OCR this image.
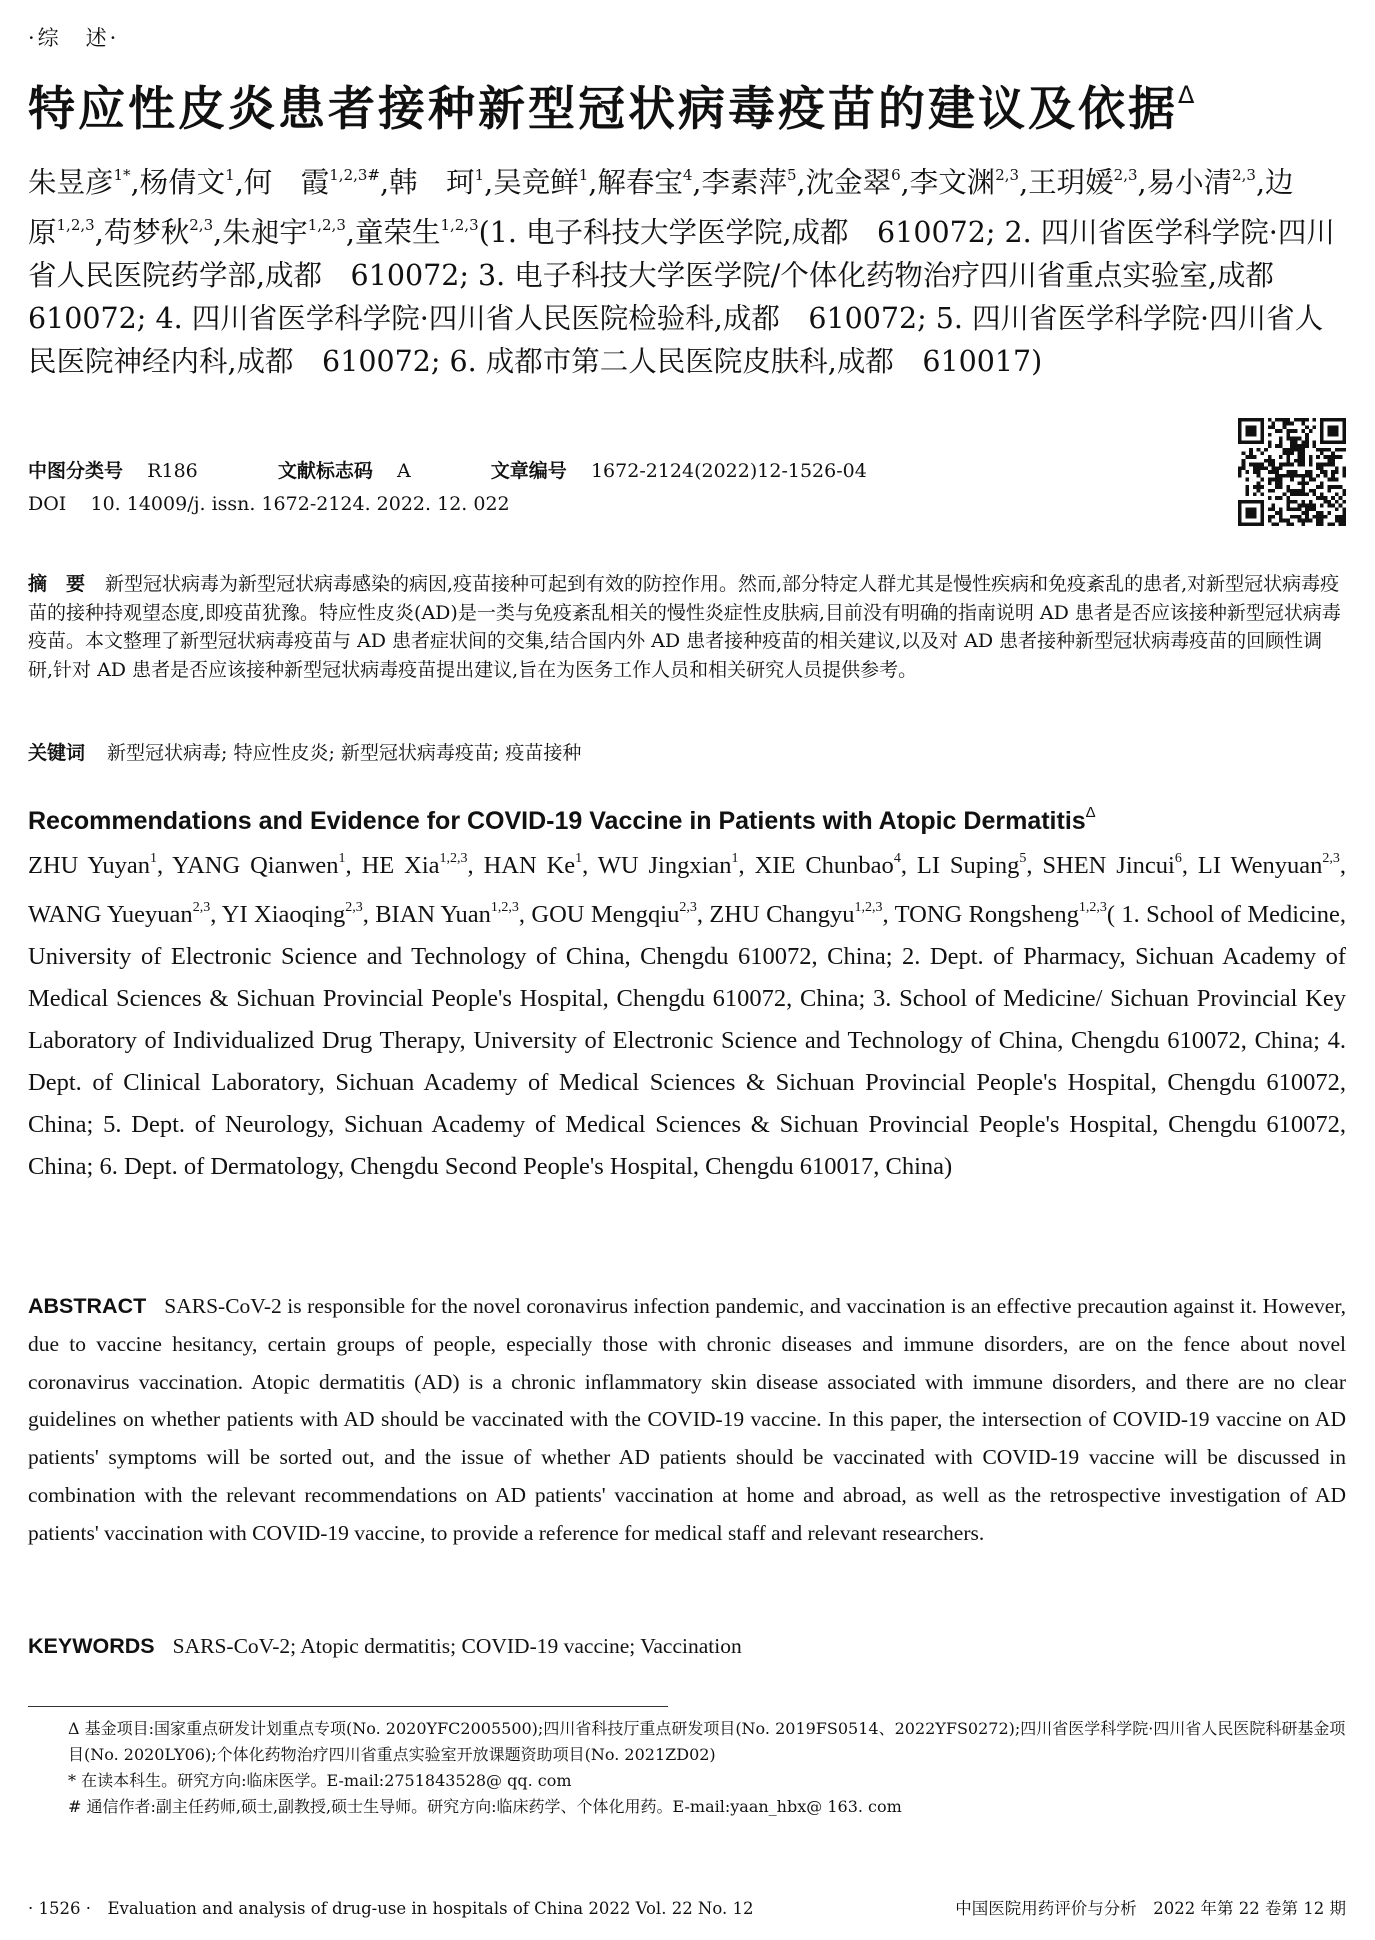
·综　述·
特应性皮炎患者接种新型冠状病毒疫苗的建议及依据$^\Delta$

朱昱彦$^{1*}$,杨倩文$^1$,何　霞$^{1,2,3\#}$,韩　珂$^1$,吴竞鲜$^1$,解春宝$^4$,李素萍$^5$,沈金翠$^6$,李文渊$^{2,3}$,王玥媛$^{2,3}$,易小清$^{2,3}$,边　原$^{1,2,3}$,苟梦秋$^{2,3}$,朱昶宇$^{1,2,3}$,童荣生$^{1,2,3}$(1. 电子科技大学医学院,成都　610072; 2. 四川省医学科学院·四川省人民医院药学部,成都　610072; 3. 电子科技大学医学院/个体化药物治疗四川省重点实验室,成都　610072; 4. 四川省医学科学院·四川省人民医院检验科,成都　610072; 5. 四川省医学科学院·四川省人民医院神经内科,成都　610072; 6. 成都市第二人民医院皮肤科,成都　610017)

中图分类号 R186	文献标志码 A	文章编号 1672-2124(2022)12-1526-04
DOI 10. 14009/j. issn. 1672-2124. 2022. 12. 022

摘　要 新型冠状病毒为新型冠状病毒感染的病因,疫苗接种可起到有效的防控作用。然而,部分特定人群尤其是慢性疾病和免疫紊乱的患者,对新型冠状病毒疫苗的接种持观望态度,即疫苗犹豫。特应性皮炎(AD)是一类与免疫紊乱相关的慢性炎症性皮肤病,目前没有明确的指南说明 AD 患者是否应该接种新型冠状病毒疫苗。本文整理了新型冠状病毒疫苗与 AD 患者症状间的交集,结合国内外 AD 患者接种疫苗的相关建议,以及对 AD 患者接种新型冠状病毒疫苗的回顾性调研,针对 AD 患者是否应该接种新型冠状病毒疫苗提出建议,旨在为医务工作人员和相关研究人员提供参考。

关键词 新型冠状病毒; 特应性皮炎; 新型冠状病毒疫苗; 疫苗接种

Recommendations and Evidence for COVID-19 Vaccine in Patients with Atopic Dermatitis$^\Delta$

ZHU Yuyan$^1$, YANG Qianwen$^1$, HE Xia$^{1,2,3}$, HAN Ke$^1$, WU Jingxian$^1$, XIE Chunbao$^4$, LI Suping$^5$, SHEN Jincui$^6$, LI Wenyuan$^{2,3}$, WANG Yueyuan$^{2,3}$, YI Xiaoqing$^{2,3}$, BIAN Yuan$^{1,2,3}$, GOU Mengqiu$^{2,3}$, ZHU Changyu$^{1,2,3}$, TONG Rongsheng$^{1,2,3}$( 1. School of Medicine, University of Electronic Science and Technology of China, Chengdu 610072, China; 2. Dept. of Pharmacy, Sichuan Academy of Medical Sciences & Sichuan Provincial People's Hospital, Chengdu 610072, China; 3. School of Medicine/ Sichuan Provincial Key Laboratory of Individualized Drug Therapy, University of Electronic Science and Technology of China, Chengdu 610072, China; 4. Dept. of Clinical Laboratory, Sichuan Academy of Medical Sciences & Sichuan Provincial People's Hospital, Chengdu 610072, China; 5. Dept. of Neurology, Sichuan Academy of Medical Sciences & Sichuan Provincial People's Hospital, Chengdu 610072, China; 6. Dept. of Dermatology, Chengdu Second People's Hospital, Chengdu 610017, China)

ABSTRACT SARS-CoV-2 is responsible for the novel coronavirus infection pandemic, and vaccination is an effective precaution against it. However, due to vaccine hesitancy, certain groups of people, especially those with chronic diseases and immune disorders, are on the fence about novel coronavirus vaccination. Atopic dermatitis (AD) is a chronic inflammatory skin disease associated with immune disorders, and there are no clear guidelines on whether patients with AD should be vaccinated with the COVID-19 vaccine. In this paper, the intersection of COVID-19 vaccine on AD patients' symptoms will be sorted out, and the issue of whether AD patients should be vaccinated with COVID-19 vaccine will be discussed in combination with the relevant recommendations on AD patients' vaccination at home and abroad, as well as the retrospective investigation of AD patients' vaccination with COVID-19 vaccine, to provide a reference for medical staff and relevant researchers.

KEYWORDS SARS-CoV-2; Atopic dermatitis; COVID-19 vaccine; Vaccination

Δ 基金项目:国家重点研发计划重点专项(No. 2020YFC2005500);四川省科技厅重点研发项目(No. 2019FS0514、2022YFS0272);四川省医学科学院·四川省人民医院科研基金项目(No. 2020LY06);个体化药物治疗四川省重点实验室开放课题资助项目(No. 2021ZD02)

* 在读本科生。研究方向:临床医学。E-mail:2751843528@ qq. com

# 通信作者:副主任药师,硕士,副教授,硕士生导师。研究方向:临床药学、个体化用药。E-mail:yaan_hbx@ 163. com

· 1526 ·　Evaluation and analysis of drug-use in hospitals of China 2022 Vol. 22 No. 12	中国医院用药评价与分析　2022 年第 22 卷第 12 期
